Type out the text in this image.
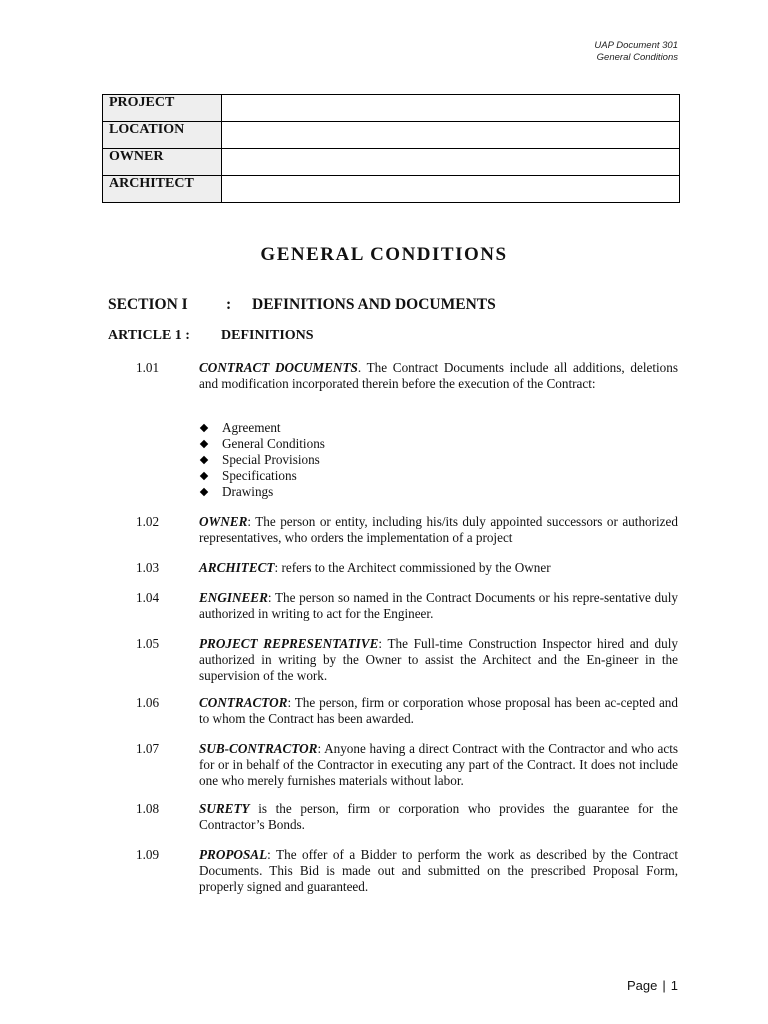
UAP Document 301
General Conditions
PROJECT	
LOCATION	
OWNER	
ARCHITECT	
GENERAL CONDITIONS
SECTION I : DEFINITIONS AND DOCUMENTS
ARTICLE 1 : DEFINITIONS
1.01	CONTRACT DOCUMENTS. The Contract Documents include all additions, deletions and modification incorporated therein before the execution of the Contract:
Agreement
General Conditions
Special Provisions
Specifications
Drawings
1.02	OWNER: The person or entity, including his/its duly appointed successors or authorized representatives, who orders the implementation of a project
1.03	ARCHITECT: refers to the Architect commissioned by the Owner
1.04	ENGINEER: The person so named in the Contract Documents or his repre-sentative duly authorized in writing to act for the Engineer.
1.05	PROJECT REPRESENTATIVE: The Full-time Construction Inspector hired and duly authorized in writing by the Owner to assist the Architect and the En-gineer in the supervision of the work.
1.06	CONTRACTOR: The person, firm or corporation whose proposal has been ac-cepted and to whom the Contract has been awarded.
1.07	SUB-CONTRACTOR: Anyone having a direct Contract with the Contractor and who acts for or in behalf of the Contractor in executing any part of the Contract. It does not include one who merely furnishes materials without labor.
1.08	SURETY is the person, firm or corporation who provides the guarantee for the Contractor’s Bonds.
1.09	PROPOSAL: The offer of a Bidder to perform the work as described by the Contract Documents. This Bid is made out and submitted on the prescribed Proposal Form, properly signed and guaranteed.
Page | 1
